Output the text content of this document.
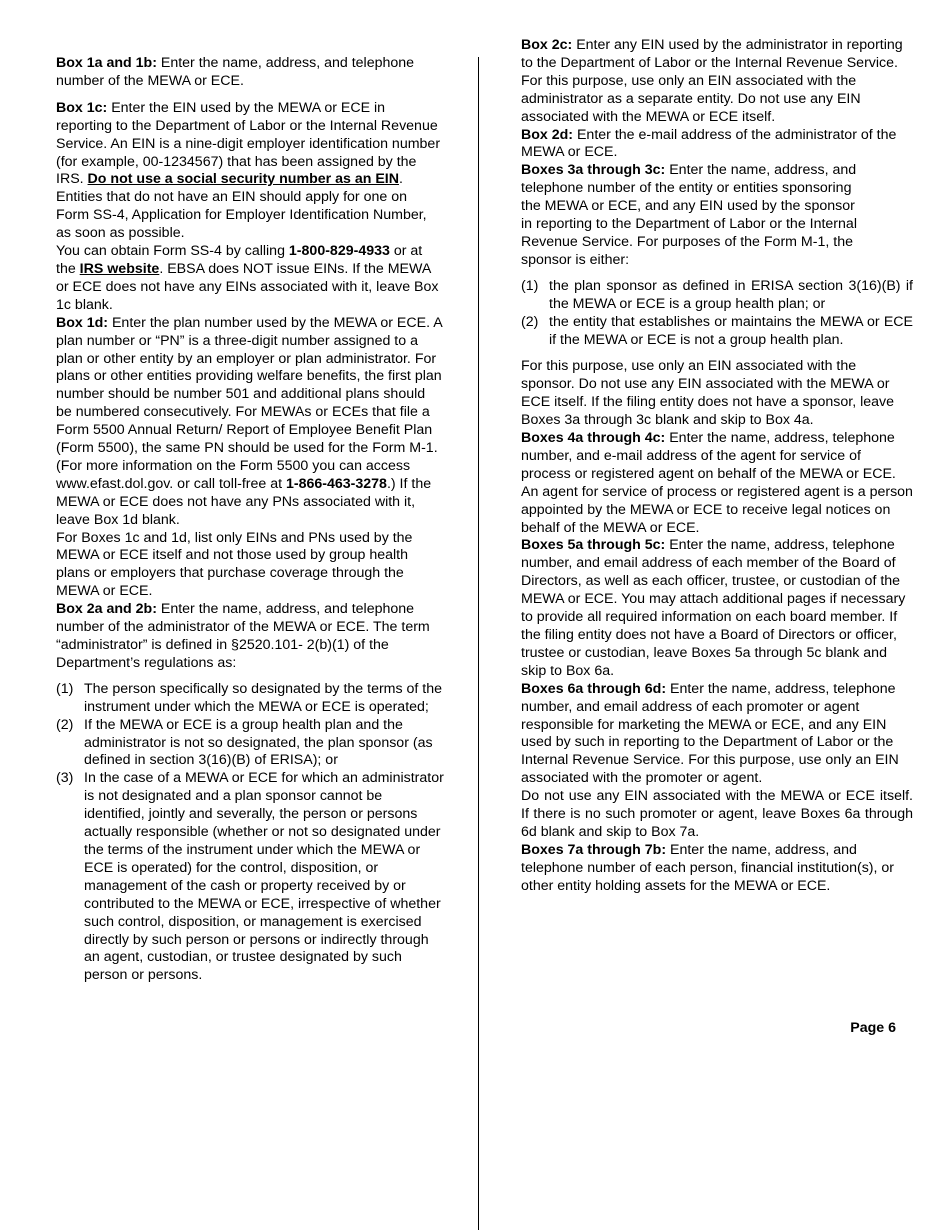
Box 1a and 1b: Enter the name, address, and telephone number of the MEWA or ECE.

Box 1c: Enter the EIN used by the MEWA or ECE in reporting to the Department of Labor or the Internal Revenue Service. An EIN is a nine-digit employer identification number (for example, 00-1234567) that has been assigned by the IRS. Do not use a social security number as an EIN. Entities that do not have an EIN should apply for one on Form SS-4, Application for Employer Identification Number, as soon as possible.

You can obtain Form SS-4 by calling 1-800-829-4933 or at the IRS website. EBSA does NOT issue EINs. If the MEWA or ECE does not have any EINs associated with it, leave Box 1c blank.

Box 1d: Enter the plan number used by the MEWA or ECE. A plan number or “PN” is a three-digit number assigned to a plan or other entity by an employer or plan administrator. For plans or other entities providing welfare benefits, the first plan number should be number 501 and additional plans should be numbered consecutively. For MEWAs or ECEs that file a Form 5500 Annual Return/ Report of Employee Benefit Plan (Form 5500), the same PN should be used for the Form M-1. (For more information on the Form 5500 you can access www.efast.dol.gov. or call toll-free at 1-866-463-3278.) If the MEWA or ECE does not have any PNs associated with it, leave Box 1d blank.

For Boxes 1c and 1d, list only EINs and PNs used by the MEWA or ECE itself and not those used by group health plans or employers that purchase coverage through the MEWA or ECE.

Box 2a and 2b: Enter the name, address, and telephone number of the administrator of the MEWA or ECE. The term “administrator” is defined in §2520.101- 2(b)(1) of the Department’s regulations as:

(1) The person specifically so designated by the terms of the instrument under which the MEWA or ECE is operated;
(2) If the MEWA or ECE is a group health plan and the administrator is not so designated, the plan sponsor (as defined in section 3(16)(B) of ERISA); or
(3) In the case of a MEWA or ECE for which an administrator is not designated and a plan sponsor cannot be identified, jointly and severally, the person or persons actually responsible (whether or not so designated under the terms of the instrument under which the MEWA or ECE is operated) for the control, disposition, or management of the cash or property received by or contributed to the MEWA or ECE, irrespective of whether such control, disposition, or management is exercised directly by such person or persons or indirectly through an agent, custodian, or trustee designated by such person or persons.

Box 2c: Enter any EIN used by the administrator in reporting to the Department of Labor or the Internal Revenue Service. For this purpose, use only an EIN associated with the administrator as a separate entity. Do not use any EIN associated with the MEWA or ECE itself.

Box 2d: Enter the e-mail address of the administrator of the MEWA or ECE.

Boxes 3a through 3c: Enter the name, address, and telephone number of the entity or entities sponsoring the MEWA or ECE, and any EIN used by the sponsor in reporting to the Department of Labor or the Internal Revenue Service. For purposes of the Form M-1, the sponsor is either:

(1) the plan sponsor as defined in ERISA section 3(16)(B) if the MEWA or ECE is a group health plan; or
(2) the entity that establishes or maintains the MEWA or ECE if the MEWA or ECE is not a group health plan.

For this purpose, use only an EIN associated with the sponsor. Do not use any EIN associated with the MEWA or ECE itself. If the filing entity does not have a sponsor, leave Boxes 3a through 3c blank and skip to Box 4a.

Boxes 4a through 4c: Enter the name, address, telephone number, and e-mail address of the agent for service of process or registered agent on behalf of the MEWA or ECE. An agent for service of process or registered agent is a person appointed by the MEWA or ECE to receive legal notices on behalf of the MEWA or ECE.

Boxes 5a through 5c: Enter the name, address, telephone number, and email address of each member of the Board of Directors, as well as each officer, trustee, or custodian of the MEWA or ECE. You may attach additional pages if necessary to provide all required information on each board member. If the filing entity does not have a Board of Directors or officer, trustee or custodian, leave Boxes 5a through 5c blank and skip to Box 6a.

Boxes 6a through 6d: Enter the name, address, telephone number, and email address of each promoter or agent responsible for marketing the MEWA or ECE, and any EIN used by such in reporting to the Department of Labor or the Internal Revenue Service. For this purpose, use only an EIN associated with the promoter or agent.

Do not use any EIN associated with the MEWA or ECE itself. If there is no such promoter or agent, leave Boxes 6a through 6d blank and skip to Box 7a.

Boxes 7a through 7b: Enter the name, address, and telephone number of each person, financial institution(s), or other entity holding assets for the MEWA or ECE.

Page 6
